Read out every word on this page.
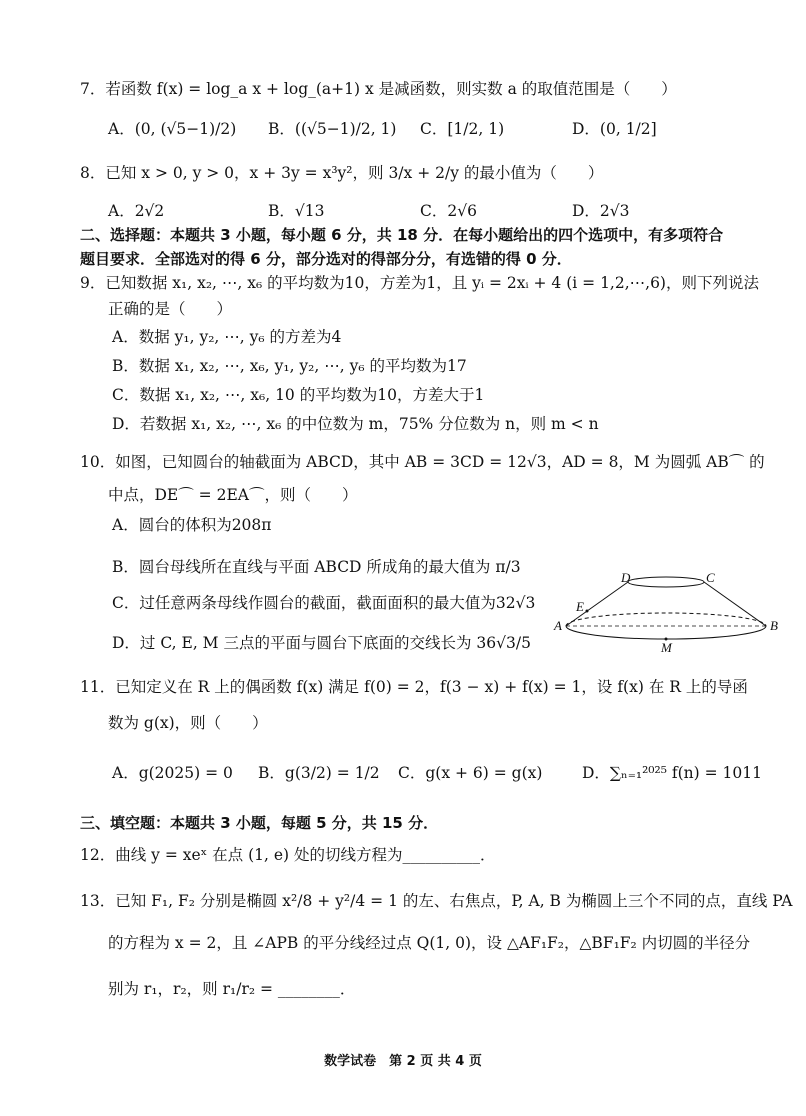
7．若函数 f(x) = log_a x + log_(a+1) x 是减函数，则实数 a 的取值范围是（　　）
A．(0, (√5−1)/2) B．((√5−1)/2, 1) C．[1/2, 1)	D．(0, 1/2]
8．已知 x > 0, y > 0，x + 3y = x³y²，则 3/x + 2/y 的最小值为（　　）
A．2√2	B．√13	C．2√6	D．2√3
二、选择题：本题共 3 小题，每小题 6 分，共 18 分．在每小题给出的四个选项中，有多项符合
题目要求．全部选对的得 6 分，部分选对的得部分分，有选错的得 0 分．
9．已知数据 x₁, x₂, ⋯, x₆ 的平均数为10，方差为1，且 yᵢ = 2xᵢ + 4 (i = 1,2,⋯,6)，则下列说法
正确的是（　　）
A．数据 y₁, y₂, ⋯, y₆ 的方差为4
B．数据 x₁, x₂, ⋯, x₆, y₁, y₂, ⋯, y₆ 的平均数为17
C．数据 x₁, x₂, ⋯, x₆, 10 的平均数为10，方差大于1
D．若数据 x₁, x₂, ⋯, x₆ 的中位数为 m，75% 分位数为 n，则 m < n
10．如图，已知圆台的轴截面为 ABCD，其中 AB = 3CD = 12√3，AD = 8，M 为圆弧 AB⌒ 的
中点，DE⌒ = 2EA⌒，则（　　）
A．圆台的体积为208π
B．圆台母线所在直线与平面 ABCD 所成角的最大值为 π/3
C．过任意两条母线作圆台的截面，截面面积的最大值为32√3
D．过 C, E, M 三点的平面与圆台下底面的交线长为 36√3/5
D	C
E
A	B
M
11．已知定义在 R 上的偶函数 f(x) 满足 f(0) = 2，f(3 − x) + f(x) = 1，设 f(x) 在 R 上的导函
数为 g(x)，则（　　）
A．g(2025) = 0 B．g(3/2) = 1/2 C．g(x + 6) = g(x)	D．∑ₙ₌₁²⁰²⁵ f(n) = 1011
三、填空题：本题共 3 小题，每题 5 分，共 15 分．
12．曲线 y = xeˣ 在点 (1, e) 处的切线方程为__________．
13．已知 F₁, F₂ 分别是椭圆 x²/8 + y²/4 = 1 的左、右焦点，P, A, B 为椭圆上三个不同的点，直线 PA
的方程为 x = 2，且 ∠APB 的平分线经过点 Q(1, 0)，设 △AF₁F₂，△BF₁F₂ 内切圆的半径分
别为 r₁，r₂，则 r₁/r₂ = ________．
数学试卷　第 2 页 共 4 页
